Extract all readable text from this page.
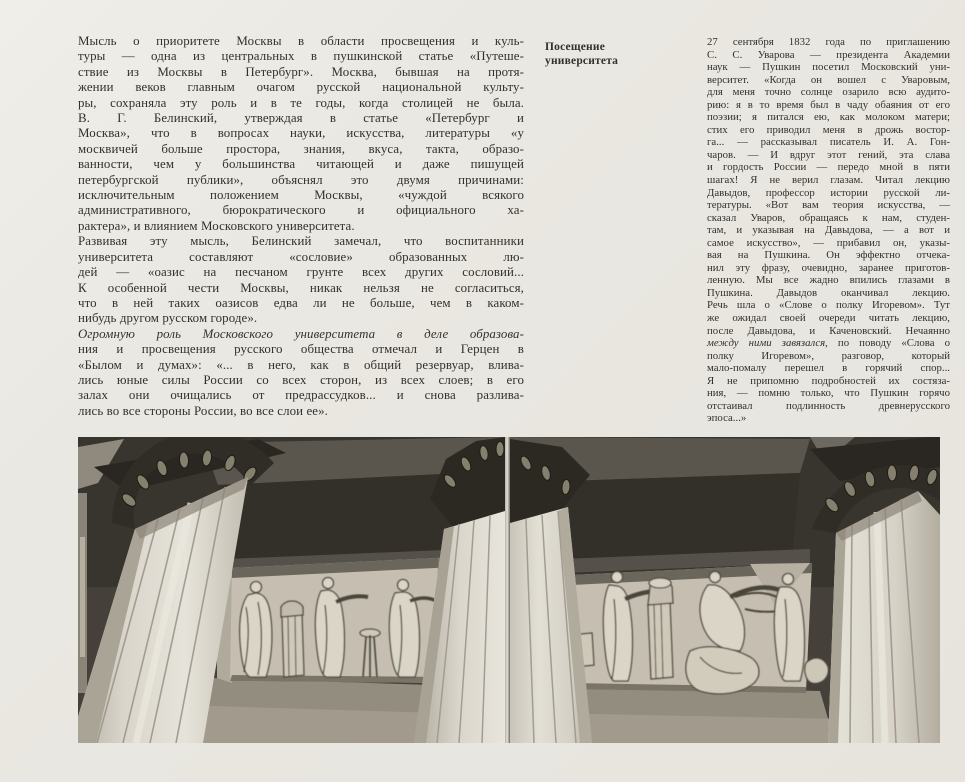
Мысль о приоритете Москвы в области просвещения и куль-
туры — одна из центральных в пушкинской статье «Путеше-
ствие из Москвы в Петербург». Москва, бывшая на протя-
жении веков главным очагом русской национальной культу-
ры, сохраняла эту роль и в те годы, когда столицей не была.
В. Г. Белинский, утверждая в статье «Петербург и
Москва», что в вопросах науки, искусства, литературы «у
москвичей больше простора, знания, вкуса, такта, образо-
ванности, чем у большинства читающей и даже пишущей
петербургской публики», объяснял это двумя причинами:
исключительным положением Москвы, «чуждой всякого
административного, бюрократического и официального ха-
рактера», и влиянием Московского университета.
Развивая эту мысль, Белинский замечал, что воспитанники
университета составляют «сословие» образованных лю-
дей — «оазис на песчаном грунте всех других сословий...
К особенной чести Москвы, никак нельзя не согласиться,
что в ней таких оазисов едва ли не больше, чем в каком-
нибудь другом русском городе».
Огромную роль Московского университета в деле образова-
ния и просвещения русского общества отмечал и Герцен в
«Былом и думах»: «... в него, как в общий резервуар, влива-
лись юные силы России со всех сторон, из всех слоев; в его
залах они очищались от предрассудков... и снова разлива-
лись во все стороны России, во все слои ее».
Посещение
университета
27 сентября 1832 года по приглашению
С. С. Уварова — президента Академии
наук — Пушкин посетил Московский уни-
верситет. «Когда он вошел с Уваровым,
для меня точно солнце озарило всю аудито-
рию: я в то время был в чаду обаяния от его
поэзии; я питался ею, как молоком матери;
стих его приводил меня в дрожь востор-
га... — рассказывал писатель И. А. Гон-
чаров. — И вдруг этот гений, эта слава
и гордость России — передо мной в пяти
шагах! Я не верил глазам. Читал лекцию
Давыдов, профессор истории русской ли-
тературы. «Вот вам теория искусства, —
сказал Уваров, обращаясь к нам, студен-
там, и указывая на Давыдова, — а вот и
самое искусство», — прибавил он, указы-
вая на Пушкина. Он эффектно отчека-
нил эту фразу, очевидно, заранее приготов-
ленную. Мы все жадно впились глазами в
Пушкина. Давыдов оканчивал лекцию.
Речь шла о «Слове о полку Игоревом». Тут
же ожидал своей очереди читать лекцию,
после Давыдова, и Каченовский. Нечаянно
между ними завязался, по поводу «Слова о
полку Игоревом», разговор, который
мало-помалу перешел в горячий спор...
Я не припомню подробностей их состяза-
ния, — помню только, что Пушкин горячо
отстаивал подлинность древнерусского
эпоса...»
